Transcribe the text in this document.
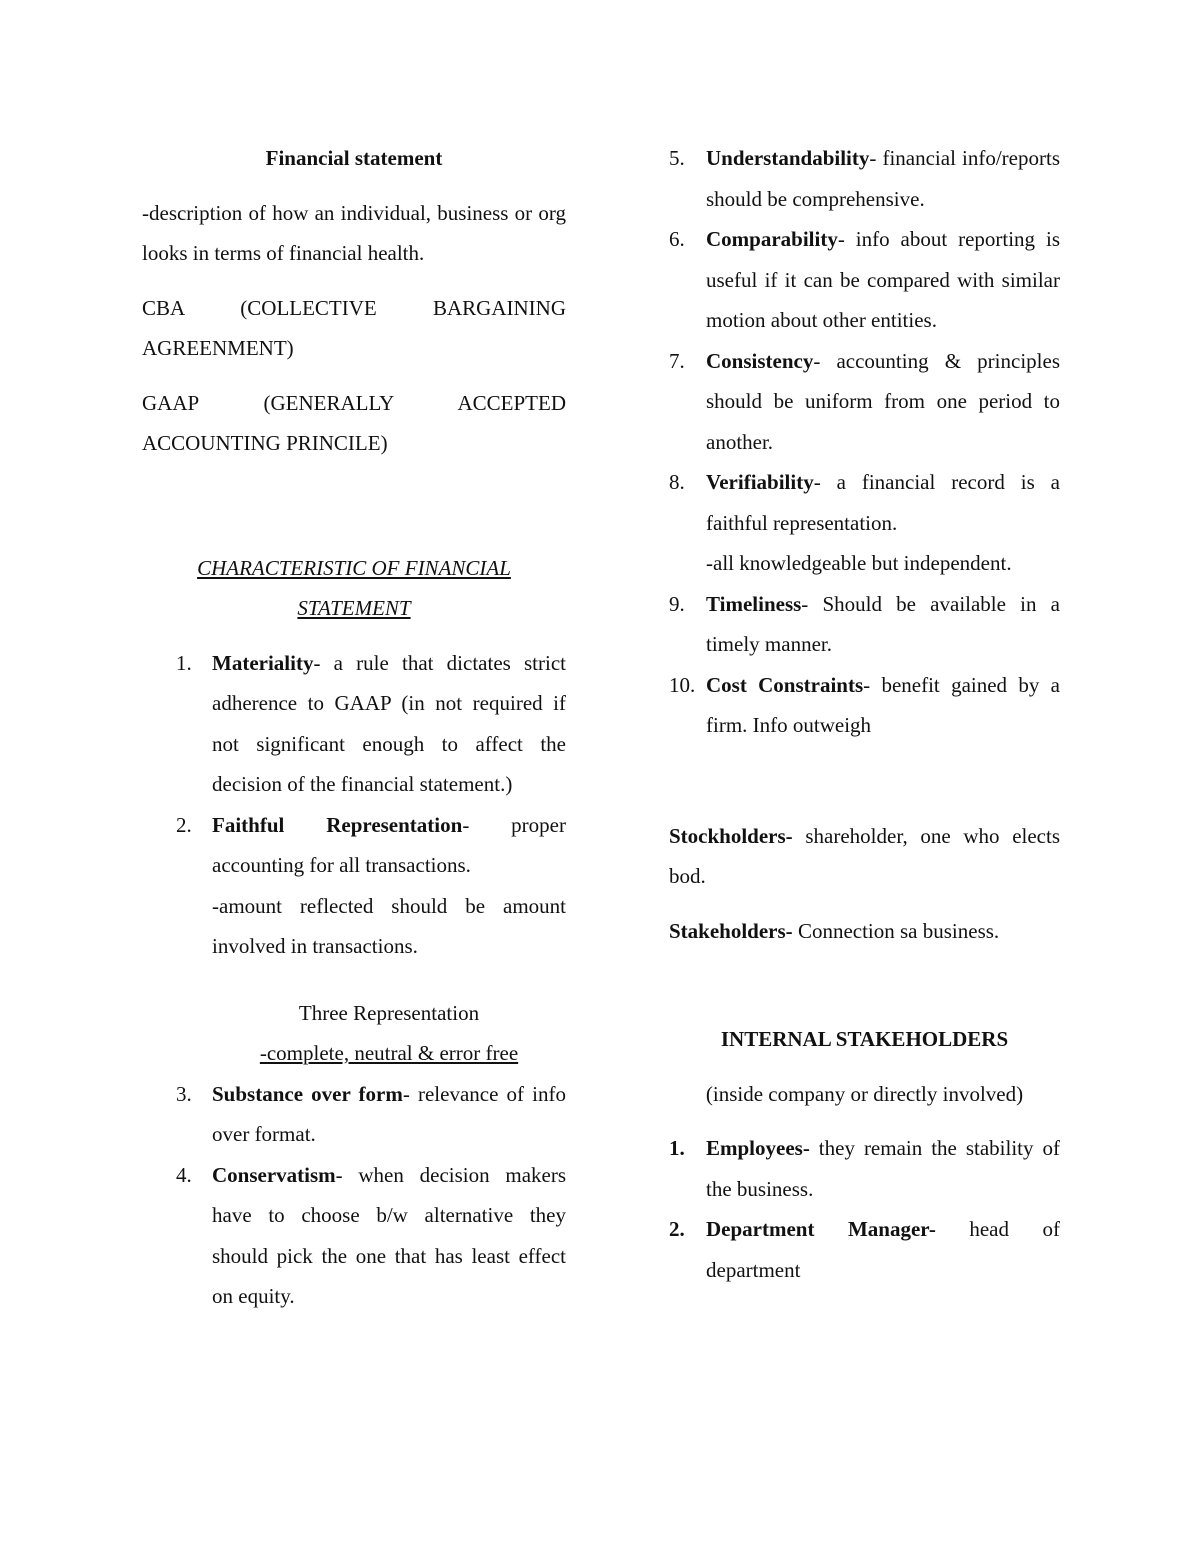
Financial statement

-description of how an individual, business or org looks in terms of financial health.

CBA (COLLECTIVE BARGAINING AGREENMENT)

GAAP (GENERALLY ACCEPTED ACCOUNTING PRINCILE)

CHARACTERISTIC OF FINANCIAL
STATEMENT
1. Materiality- a rule that dictates strict adherence to GAAP (in not required if not significant enough to affect the decision of the financial statement.)
2. Faithful Representation- proper accounting for all transactions.
-amount reflected should be amount involved in transactions.
Three Representation
-complete, neutral & error free
3. Substance over form- relevance of info over format.
4. Conservatism- when decision makers have to choose b/w alternative they should pick the one that has least effect on equity.
5. Understandability- financial info/reports should be comprehensive.
6. Comparability- info about reporting is useful if it can be compared with similar motion about other entities.
7. Consistency- accounting & principles should be uniform from one period to another.
8. Verifiability- a financial record is a faithful representation.
-all knowledgeable but independent.
9. Timeliness- Should be available in a timely manner.
10. Cost Constraints- benefit gained by a firm. Info outweigh

Stockholders- shareholder, one who elects bod.

Stakeholders- Connection sa business.

INTERNAL STAKEHOLDERS
(inside company or directly involved)
1. Employees- they remain the stability of the business.
2. Department Manager- head of department
